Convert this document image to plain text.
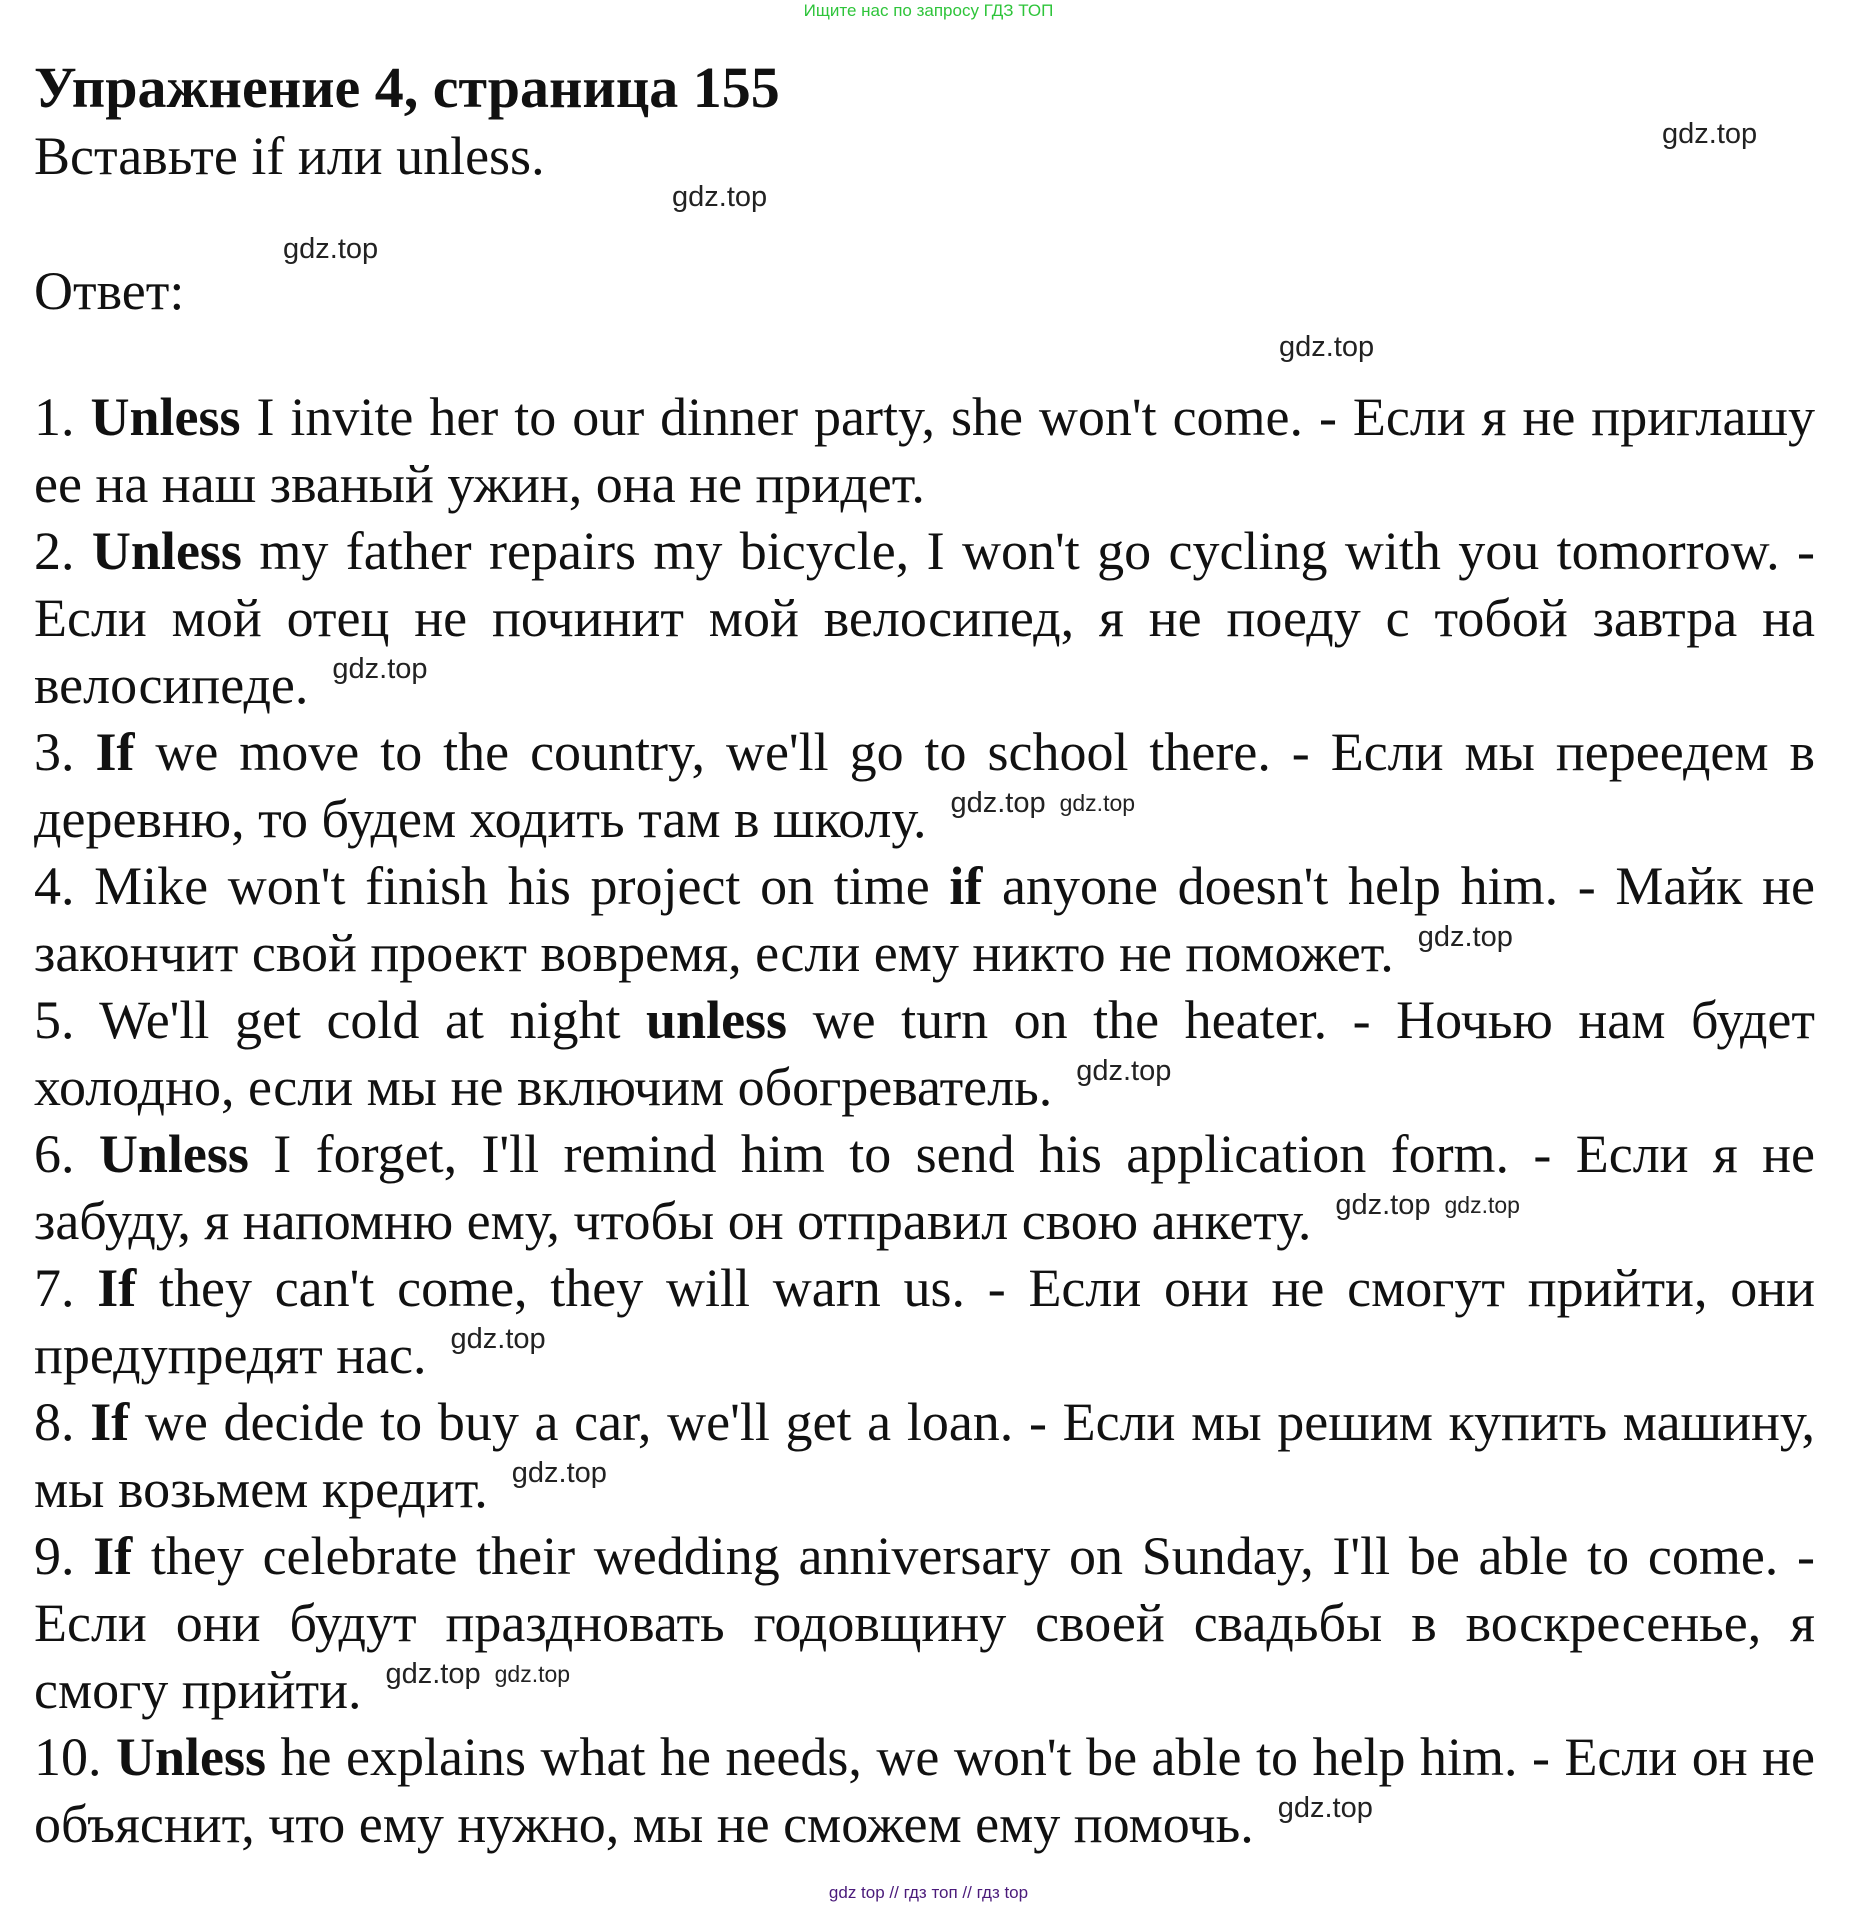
Ищите нас по запросу ГДЗ ТОП
Упражнение 4, страница 155
Вставьте if или unless.
Ответ:
gdz.top
gdz.top
gdz.top
gdz.top

1. Unless I invite her to our dinner party, she won't come. - Если я не приглашу ее на наш званый ужин, она не придет.

2. Unless my father repairs my bicycle, I won't go cycling with you tomorrow. - Если мой отец не починит мой велосипед, я не поеду с тобой завтра на велосипеде. gdz.top

3. If we move to the country, we'll go to school there. - Если мы переедем в деревню, то будем ходить там в школу. gdz.top gdz.top

4. Mike won't finish his project on time if anyone doesn't help him. - Майк не закончит свой проект вовремя, если ему никто не поможет. gdz.top

5. We'll get cold at night unless we turn on the heater. - Ночью нам будет холодно, если мы не включим обогреватель. gdz.top

6. Unless I forget, I'll remind him to send his application form. - Если я не забуду, я напомню ему, чтобы он отправил свою анкету. gdz.top gdz.top

7. If they can't come, they will warn us. - Если они не смогут прийти, они предупредят нас. gdz.top

8. If we decide to buy a car, we'll get a loan. - Если мы решим купить машину, мы возьмем кредит. gdz.top

9. If they celebrate their wedding anniversary on Sunday, I'll be able to come. - Если они будут праздновать годовщину своей свадьбы в воскресенье, я смогу прийти. gdz.top gdz.top

10. Unless he explains what he needs, we won't be able to help him. - Если он не объяснит, что ему нужно, мы не сможем ему помочь. gdz.top

gdz top // гдз топ // гдз top
